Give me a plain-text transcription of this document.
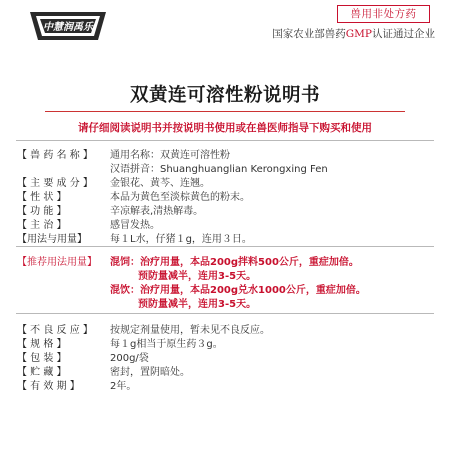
中慧润禹乐
兽用非处方药
国家农业部兽药GMP认证通过企业
双黄连可溶性粉说明书
请仔细阅读说明书并按说明书使用或在兽医师指导下购买和使用
【 兽 药 名 称 】 通用名称：双黄连可溶性粉
汉语拼音：Shuanghuanglian Kerongxing Fen
【 主 要 成 分 】 金银花、黄芩、连翘。
【 性 状 】	本品为黄色至淡棕黄色的粉末。
【 功 能 】	辛凉解表,清热解毒。
【 主 治 】	感冒发热。
【用法与用量】 每１L水，仔猪１g，连用３日。
【推荐用法用量】 混饲：治疗用量，本品200g拌料500公斤，重症加倍。
预防量减半，连用3-5天。
混饮：治疗用量，本品200g兑水1000公斤，重症加倍。
预防量减半，连用3-5天。
【 不 良 反 应 】 按规定剂量使用，暂未见不良反应。
【 规 格 】	每１g相当于原生药３g。
【 包 装 】	200g/袋
【 贮 藏 】	密封，置阴暗处。
【 有 效 期 】	2年。
